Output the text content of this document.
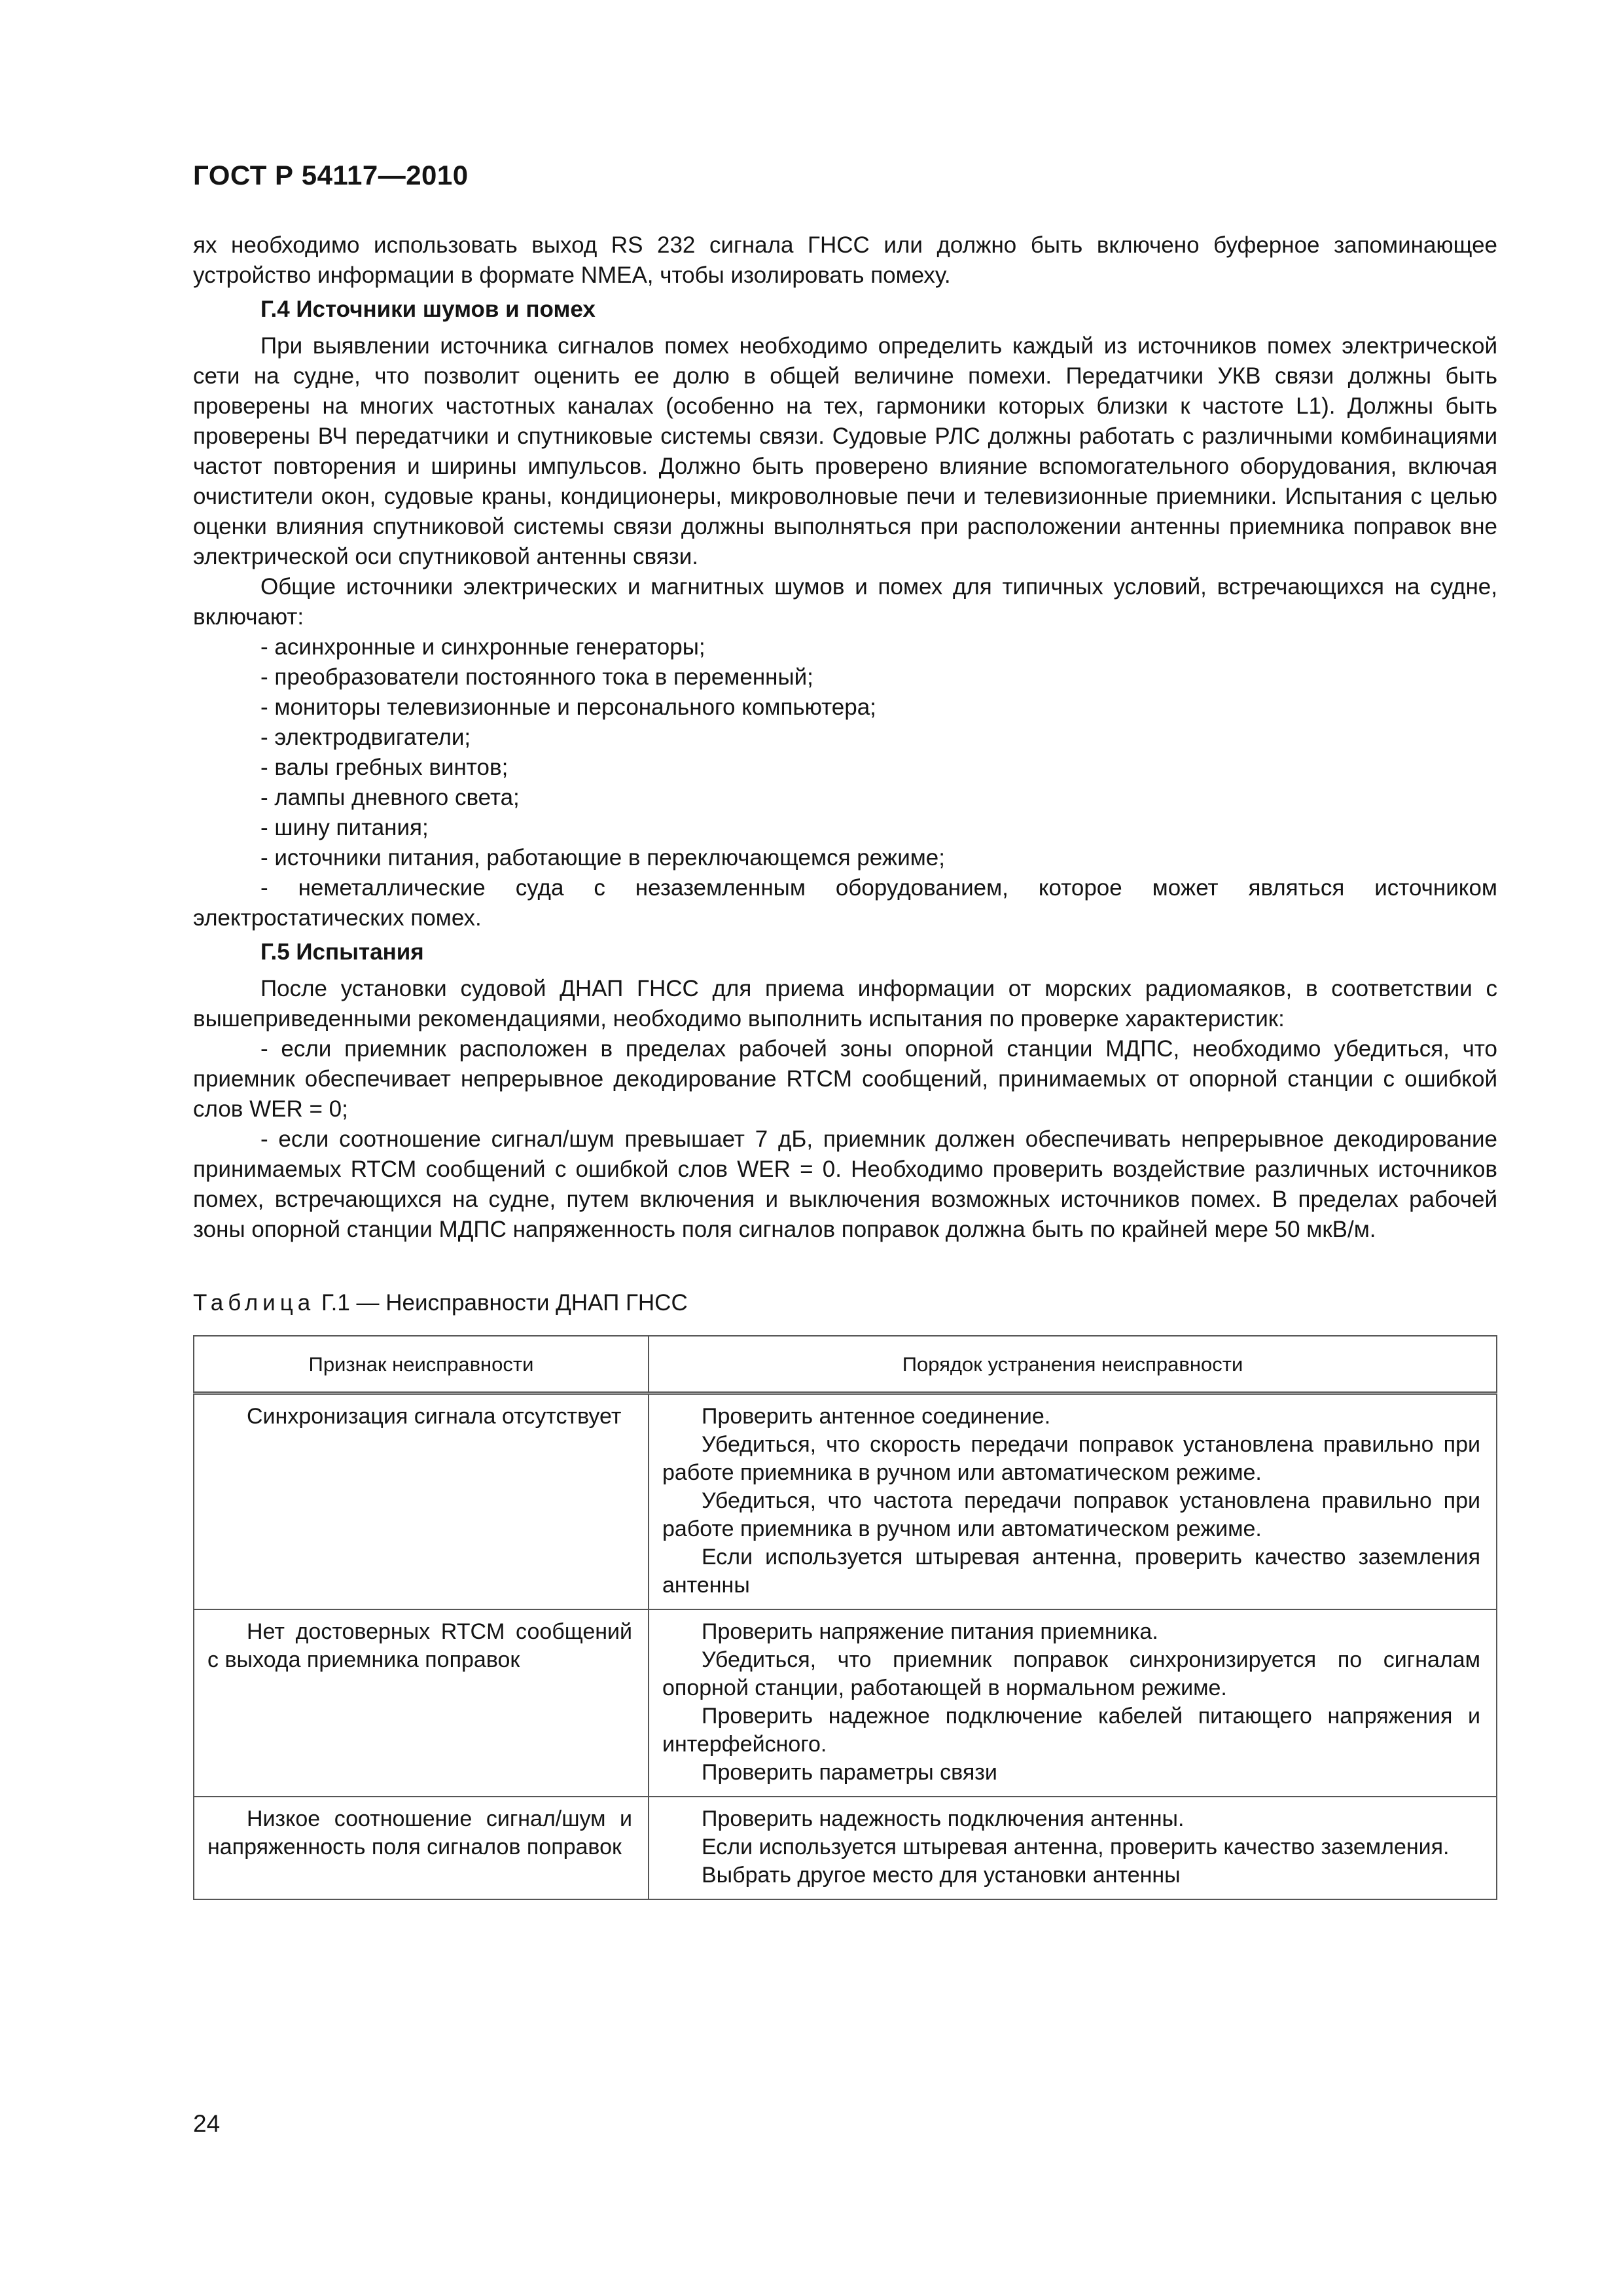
ГОСТ Р 54117—2010

ях необходимо использовать выход RS 232 сигнала ГНСС или должно быть включено буферное запоминающее устройство информации в формате NMEA, чтобы изолировать помеху.

Г.4 Источники шумов и помех

При выявлении источника сигналов помех необходимо определить каждый из источников помех электрической сети на судне, что позволит оценить ее долю в общей величине помехи. Передатчики УКВ связи должны быть проверены на многих частотных каналах (особенно на тех, гармоники которых близки к частоте L1). Должны быть проверены ВЧ передатчики и спутниковые системы связи. Судовые РЛС должны работать с различными комбинациями частот повторения и ширины импульсов. Должно быть проверено влияние вспомогательного оборудования, включая очистители окон, судовые краны, кондиционеры, микроволновые печи и телевизионные приемники. Испытания с целью оценки влияния спутниковой системы связи должны выполняться при расположении антенны приемника поправок вне электрической оси спутниковой антенны связи.

Общие источники электрических и магнитных шумов и помех для типичных условий, встречающихся на судне, включают:

- асинхронные и синхронные генераторы;

- преобразователи постоянного тока в переменный;

- мониторы телевизионные и персонального компьютера;

- электродвигатели;

- валы гребных винтов;

- лампы дневного света;

- шину питания;

- источники питания, работающие в переключающемся режиме;

- неметаллические суда с незаземленным оборудованием, которое может являться источником электростатических помех.

Г.5 Испытания

После установки судовой ДНАП ГНСС для приема информации от морских радиомаяков, в соответствии с вышеприведенными рекомендациями, необходимо выполнить испытания по проверке характеристик:

- если приемник расположен в пределах рабочей зоны опорной станции МДПС, необходимо убедиться, что приемник обеспечивает непрерывное декодирование RTCM сообщений, принимаемых от опорной станции с ошибкой слов WER = 0;

- если соотношение сигнал/шум превышает 7 дБ, приемник должен обеспечивать непрерывное декодирование принимаемых RTCM сообщений с ошибкой слов WER = 0. Необходимо проверить воздействие различных источников помех, встречающихся на судне, путем включения и выключения возможных источников помех. В пределах рабочей зоны опорной станции МДПС напряженность поля сигналов поправок должна быть по крайней мере 50 мкВ/м.

Таблица Г.1 — Неисправности ДНАП ГНСС

Признак неисправности	Порядок устранения неисправности

Синхронизация сигнала отсутствует	Проверить антенное соединение.

Убедиться, что скорость передачи поправок установлена правильно при работе приемника в ручном или автоматическом режиме.

Убедиться, что частота передачи поправок установлена правильно при работе приемника в ручном или автоматическом режиме.

Если используется штыревая антенна, проверить качество заземления антенны

Нет достоверных RTCM сообщений с выхода приемника поправок	Проверить напряжение питания приемника.

Убедиться, что приемник поправок синхронизируется по сигналам опорной станции, работающей в нормальном режиме.

Проверить надежное подключение кабелей питающего напряжения и интерфейсного.

Проверить параметры связи

Низкое соотношение сигнал/шум и напряженность поля сигналов поправок	Проверить надежность подключения антенны.

Если используется штыревая антенна, проверить качество заземления.

Выбрать другое место для установки антенны

24
